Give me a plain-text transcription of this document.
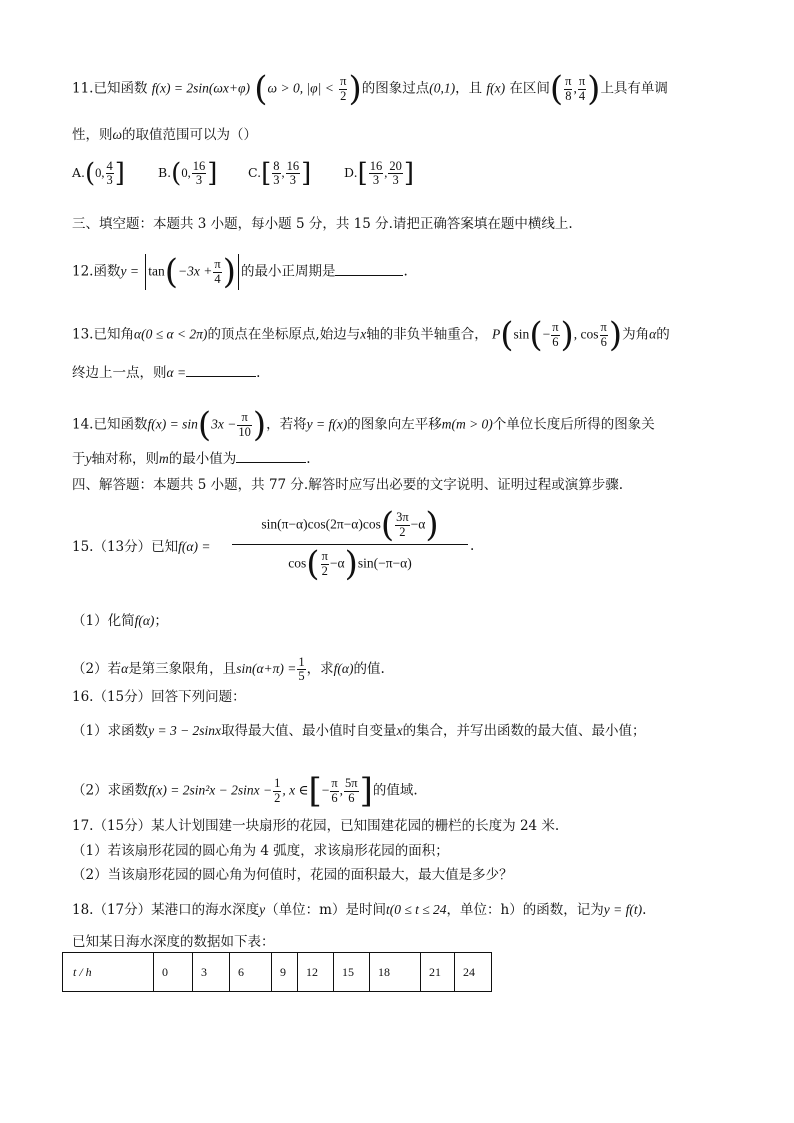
11.已知函数 f(x) = 2sin(ωx+φ) (ω > 0, $|\varphi| < \frac{\pi}{2}$ )的图象过点(0,1)，且 f(x) 在区间( $\frac{\pi}{8}$ , $\frac{\pi}{4}$ )上具有单调
性，则ω的取值范围可以为（）
A.(0, $\frac{4}{3}$ ]	B.(0, $\frac{16}{3}$ ] $C.[ \frac{8}{3}$ , $\frac{16}{3}$ ]	$D.[ \frac{16}{3}$ , $\frac{20}{3}$ ]
三、填空题：本题共 3 小题，每小题 5 分，共 15 分.请把正确答案填在题中横线上.
12.函数$y = \tan(-3x + \frac{\pi}{4}$ ) 的最小正周期是	.
13.已知角α(0 ≤ α < 2π)的顶点在坐标原点,始边与x轴的非负半轴重合， $P(\sin(- \frac{\pi}{6}$ ), $\cos \frac{\pi}{6}$ )为角α的
终边上一点，则α =	.
14.已知函数$f(x) = \sin(3x - \frac{\pi}{10}$ )，若将y = f(x)的图象向左平移m(m > 0)个单位长度后所得的图象关
于y轴对称，则m的最小值为	.
四、解答题：本题共 5 小题，共 77 分.解答时应写出必要的文字说明、证明过程或演算步骤.
15.（13分）已知f(α) =	$\frac{\sin(\pi-\alpha)\cos(2\pi-\alpha)\cos( \frac{3\pi}{2} -\alpha)}{\cos( \frac{\pi}{2} -\alpha)\sin(-\pi-\alpha)}$ .
（1）化简f(α)；
（2）若α是第三象限角，且$\sin(\alpha+\pi) = \frac{1}{5}$ ，求f(α)的值.
16.（15分）回答下列问题：
（1）求函数y = 3 − 2sinx取得最大值、最小值时自变量x的集合，并写出函数的最大值、最小值；
（2）求函数$f(x) = 2\sin^2x - 2\sin x - \frac{1}{2}$ , x ∈[− $\frac{\pi}{6}$ , $\frac{5\pi}{6}$ ]的值域.
17.（15分）某人计划围建一块扇形的花园，已知围建花园的栅栏的长度为 24 米.
（1）若该扇形花园的圆心角为 4 弧度，求该扇形花园的面积；
（2）当该扇形花园的圆心角为何值时，花园的面积最大，最大值是多少？
18.（17分）某港口的海水深度y（单位：m）是时间t(0 ≤ t ≤ 24，单位：h）的函数，记为y = f(t).
已知某日海水深度的数据如下表：
t / h	0	3	6	9	12	15	18	21	24
